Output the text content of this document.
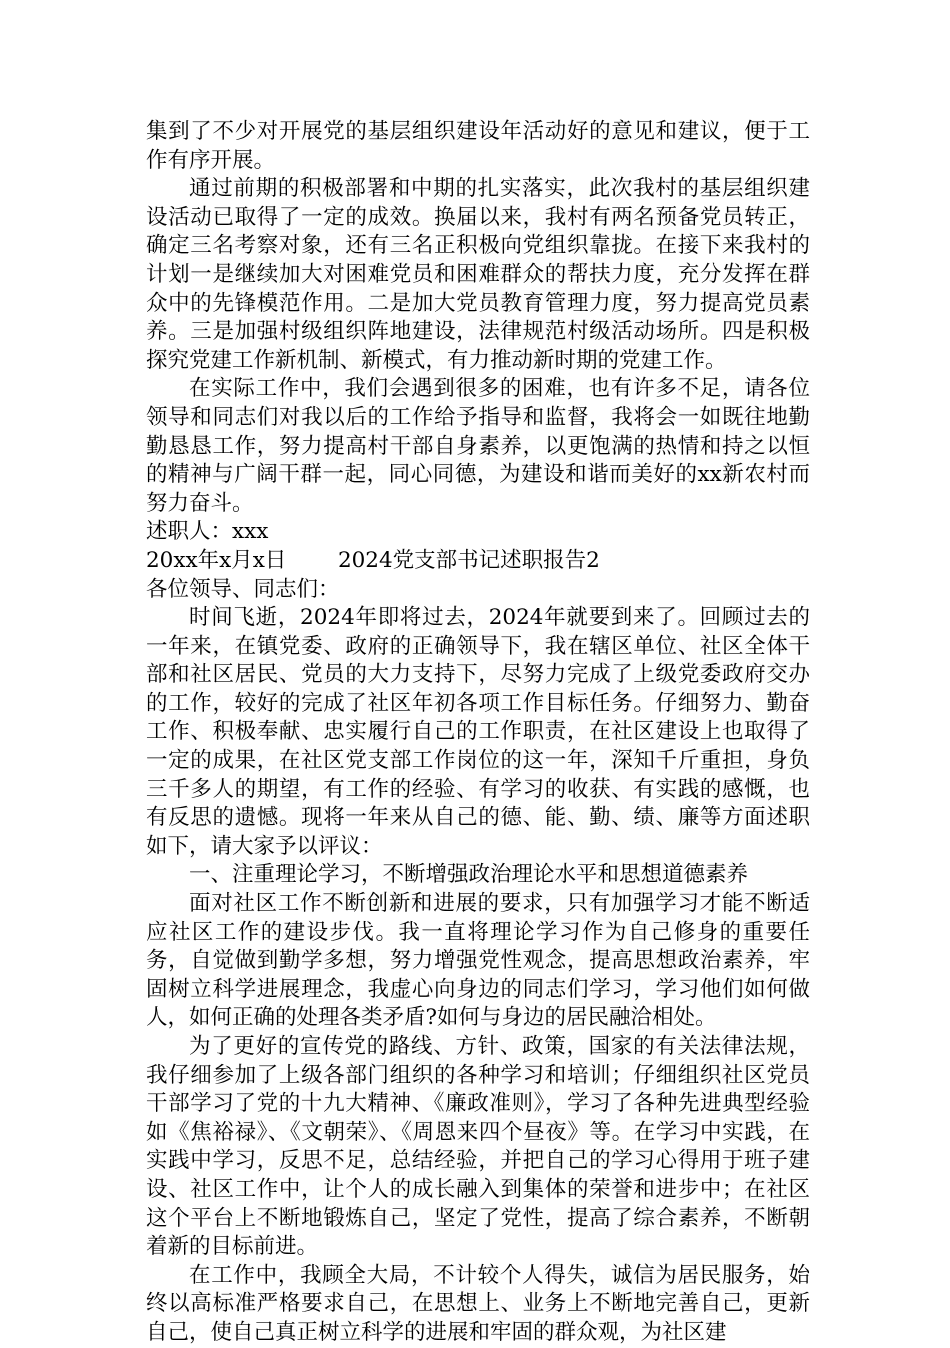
集到了不少对开展党的基层组织建设年活动好的意见和建议，便于工作有序开展。

通过前期的积极部署和中期的扎实落实，此次我村的基层组织建设活动已取得了一定的成效。换届以来，我村有两名预备党员转正，确定三名考察对象，还有三名正积极向党组织靠拢。在接下来我村的计划一是继续加大对困难党员和困难群众的帮扶力度，充分发挥在群众中的先锋模范作用。二是加大党员教育管理力度，努力提高党员素养。三是加强村级组织阵地建设，法律规范村级活动场所。四是积极探究党建工作新机制、新模式，有力推动新时期的党建工作。

在实际工作中，我们会遇到很多的困难，也有许多不足，请各位领导和同志们对我以后的工作给予指导和监督，我将会一如既往地勤勤恳恳工作，努力提高村干部自身素养，以更饱满的热情和持之以恒的精神与广阔干群一起，同心同德，为建设和谐而美好的xx新农村而努力奋斗。

述职人：xxx

20xx年x月x日 2024党支部书记述职报告2

各位领导、同志们：

时间飞逝，2024年即将过去，2024年就要到来了。回顾过去的一年来，在镇党委、政府的正确领导下，我在辖区单位、社区全体干部和社区居民、党员的大力支持下，尽努力完成了上级党委政府交办的工作，较好的完成了社区年初各项工作目标任务。仔细努力、勤奋工作、积极奉献、忠实履行自己的工作职责，在社区建设上也取得了一定的成果，在社区党支部工作岗位的这一年，深知千斤重担，身负三千多人的期望，有工作的经验、有学习的收获、有实践的感慨，也有反思的遗憾。现将一年来从自己的德、能、勤、绩、廉等方面述职如下，请大家予以评议：

一、注重理论学习，不断增强政治理论水平和思想道德素养

面对社区工作不断创新和进展的要求，只有加强学习才能不断适应社区工作的建设步伐。我一直将理论学习作为自己修身的重要任务，自觉做到勤学多想，努力增强党性观念，提高思想政治素养，牢固树立科学进展理念，我虚心向身边的同志们学习，学习他们如何做人，如何正确的处理各类矛盾?如何与身边的居民融洽相处。

为了更好的宣传党的路线、方针、政策，国家的有关法律法规，我仔细参加了上级各部门组织的各种学习和培训；仔细组织社区党员干部学习了党的十九大精神、《廉政准则》，学习了各种先进典型经验如《焦裕禄》、《文朝荣》、《周恩来四个昼夜》等。在学习中实践，在实践中学习，反思不足，总结经验，并把自己的学习心得用于班子建设、社区工作中，让个人的成长融入到集体的荣誉和进步中；在社区这个平台上不断地锻炼自己，坚定了党性，提高了综合素养，不断朝着新的目标前进。

在工作中，我顾全大局，不计较个人得失，诚信为居民服务，始终以高标准严格要求自己，在思想上、业务上不断地完善自己，更新自己，使自己真正树立科学的进展和牢固的群众观，为社区建
